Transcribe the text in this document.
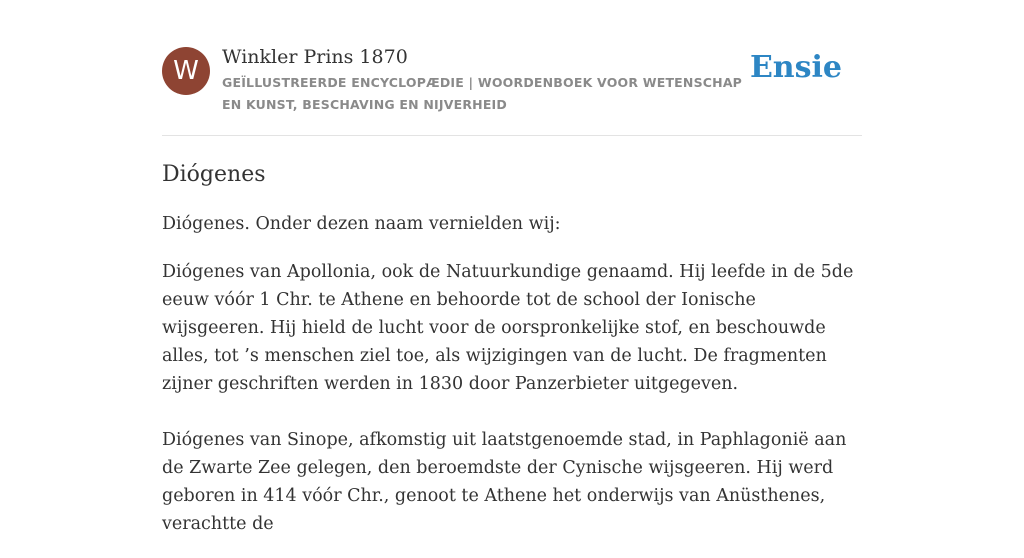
W	Winkler Prins 1870
GEÏLLUSTREERDE ENCYCLOPÆDIE | WOORDENBOEK VOOR WETENSCHAP EN KUNST, BESCHAVING EN NIJVERHEID
Ensie
Diógenes

Diógenes. Onder dezen naam vernielden wij:

Diógenes van Apollonia, ook de Natuurkundige genaamd. Hij leefde in de 5de eeuw vóór 1 Chr. te Athene en behoorde tot de school der Ionische wijsgeeren. Hij hield de lucht voor de oorspronkelijke stof, en beschouwde alles, tot ’s menschen ziel toe, als wijzigingen van de lucht. De fragmenten zijner geschriften werden in 1830 door Panzerbieter uitgegeven.

Diógenes van Sinope, afkomstig uit laatstgenoemde stad, in Paphlagonië aan de Zwarte Zee gelegen, den beroemdste der Cynische wijsgeeren. Hij werd geboren in 414 vóór Chr., genoot te Athene het onderwijs van Anüsthenes, verachtte de
